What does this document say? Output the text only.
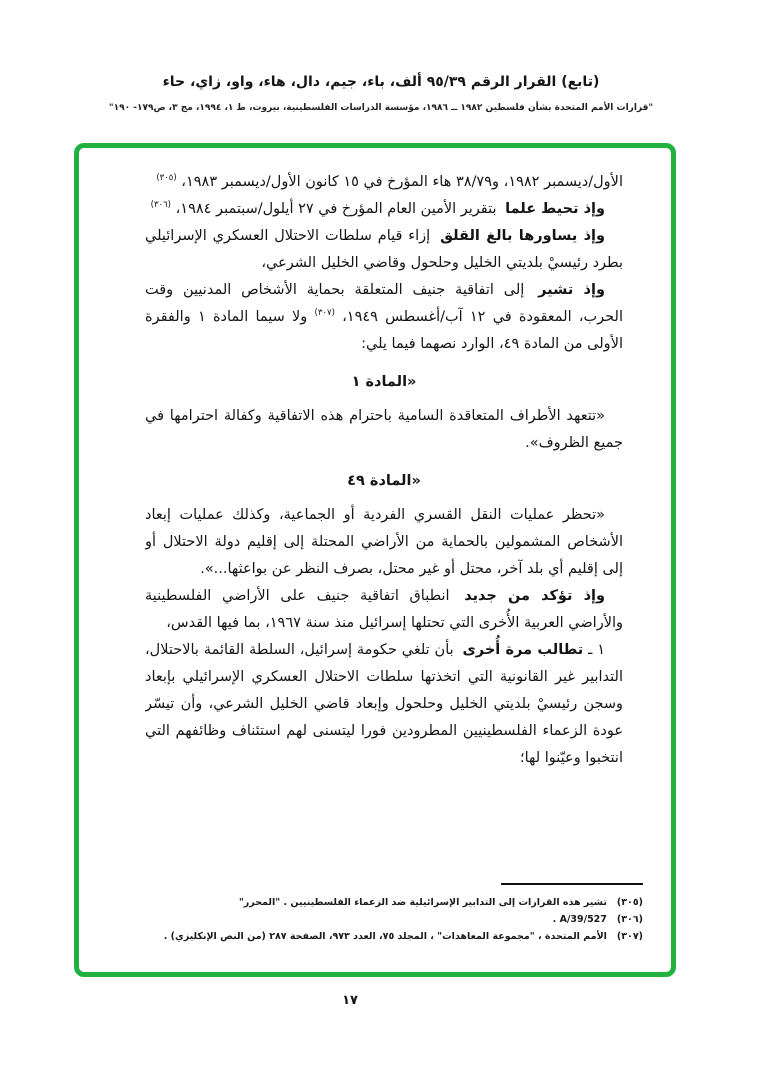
(تابع) القرار الرقم ٩٥/٣٩ ألف، باء، جيم، دال، هاء، واو، زاي، حاء
"قرارات الأمم المتحدة بشأن فلسطين ١٩٨٢ ــ ١٩٨٦، مؤسسة الدراسات الفلسطينية، بيروت، ط ١، ١٩٩٤، مج ٣، ص١٧٩- ١٩٠"
الأول/ديسمبر ١٩٨٢، و٣٨/٧٩ هاء المؤرخ في ١٥ كانون الأول/ديسمبر ١٩٨٣، $^{(٣٠٥)}$
وإذ تحيط علما بتقرير الأمين العام المؤرخ في ٢٧ أيلول/سبتمبر ١٩٨٤، $^{(٣٠٦)}$
وإذ يساورها بالغ القلق إزاء قيام سلطات الاحتلال العسكري الإسرائيلي بطرد رئيسيْ بلديتي الخليل وحلحول وقاضي الخليل الشرعي،
وإذ تشير إلى اتفاقية جنيف المتعلقة بحماية الأشخاص المدنيين وقت الحرب، المعقودة في ١٢ آب/أغسطس ١٩٤٩، $^{(٣٠٧)}$ ولا سيما المادة ١ والفقرة الأولى من المادة ٤٩، الوارد نصهما فيما يلي:
«المادة ١
«تتعهد الأطراف المتعاقدة السامية باحترام هذه الاتفاقية وكفالة احترامها في جميع الظروف».
«المادة ٤٩
«تحظر عمليات النقل القسري الفردية أو الجماعية، وكذلك عمليات إبعاد الأشخاص المشمولين بالحماية من الأراضي المحتلة إلى إقليم دولة الاحتلال أو إلى إقليم أي بلد آخر، محتل أو غير محتل، بصرف النظر عن بواعثها...».
وإذ تؤكد من جديد انطباق اتفاقية جنيف على الأراضي الفلسطينية والأراضي العربية الأُخرى التي تحتلها إسرائيل منذ سنة ١٩٦٧، بما فيها القدس،
١ ـ تطالب مرة أُخرى بأن تلغي حكومة إسرائيل، السلطة القائمة بالاحتلال، التدابير غير القانونية التي اتخذتها سلطات الاحتلال العسكري الإسرائيلي بإبعاد وسجن رئيسيْ بلديتي الخليل وحلحول وإبعاد قاضي الخليل الشرعي، وأن تيسّر عودة الزعماء الفلسطينيين المطرودين فورا ليتسنى لهم استئناف وظائفهم التي انتخبوا وعيّنوا لها؛
(٣٠٥)تشير هذه القرارات إلى التدابير الإسرائيلية ضد الزعماء الفلسطينيين . "المحرر"
(٣٠٦)A/39/527 .
(٣٠٧)الأمم المتحدة ، "مجموعة المعاهدات" ، المجلد ٧٥، العدد ٩٧٣، الصفحة ٢٨٧ (من النص الإنكليزي) .
١٧
